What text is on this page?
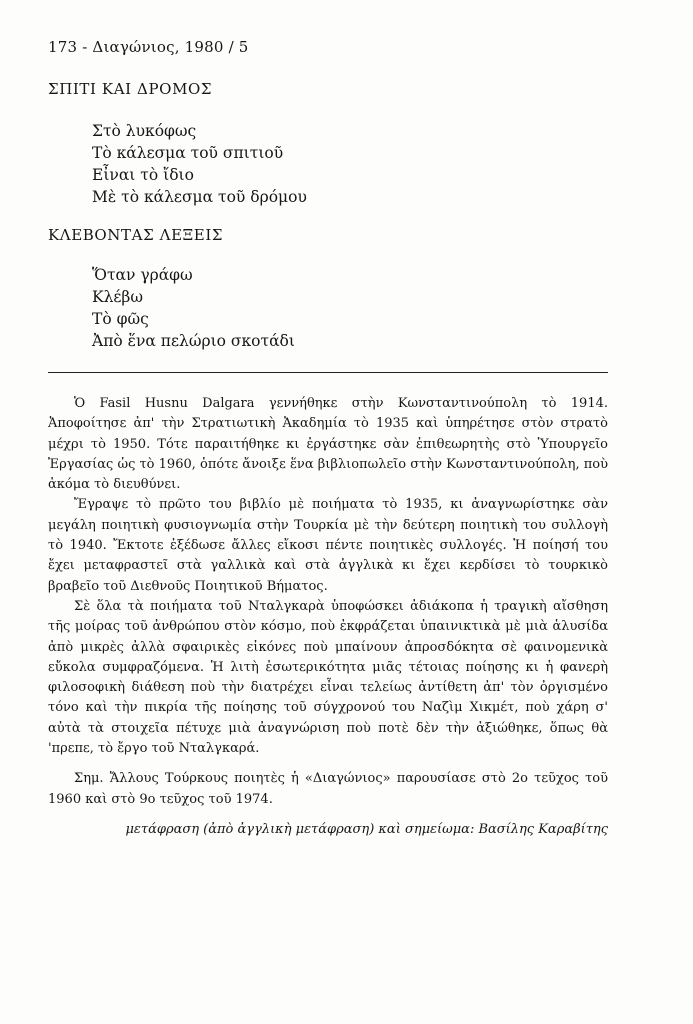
173 - Διαγώνιος, 1980 / 5
ΣΠΙΤΙ ΚΑΙ ΔΡΟΜΟΣ
Στὸ λυκόφως
Τὸ κάλεσμα τοῦ σπιτιοῦ
Εἶναι τὸ ἴδιο
Μὲ τὸ κάλεσμα τοῦ δρόμου
ΚΛΕΒΟΝΤΑΣ ΛΕΞΕΙΣ
Ὅταν γράφω
Κλέβω
Τὸ φῶς
Ἀπὸ ἕνα πελώριο σκοτάδι

Ὁ Fasil Husnu Dalgara γεννήθηκε στὴν Κωνσταντινούπολη τὸ 1914. Ἀποφοίτησε ἀπ' τὴν Στρατιωτικὴ Ἀκαδημία τὸ 1935 καὶ ὑπηρέτησε στὸν στρατὸ μέχρι τὸ 1950. Τότε παραιτήθηκε κι ἐργάστηκε σὰν ἐπιθεωρητὴς στὸ Ὑπουργεῖο Ἐργασίας ὡς τὸ 1960, ὁπότε ἄνοιξε ἕνα βιβλιοπωλεῖο στὴν Κωνσταντινούπολη, ποὺ ἀκόμα τὸ διευθύνει.

Ἔγραψε τὸ πρῶτο του βιβλίο μὲ ποιήματα τὸ 1935, κι ἀναγνωρίστηκε σὰν μεγάλη ποιητικὴ φυσιογνωμία στὴν Τουρκία μὲ τὴν δεύτερη ποιητικὴ του συλλογὴ τὸ 1940. Ἔκτοτε ἐξέδωσε ἄλλες εἴκοσι πέντε ποιητικὲς συλλογές. Ἡ ποίησή του ἔχει μεταφραστεῖ στὰ γαλλικὰ καὶ στὰ ἀγγλικὰ κι ἔχει κερδίσει τὸ τουρκικὸ βραβεῖο τοῦ Διεθνοῦς Ποιητικοῦ Βήματος.

Σὲ ὅλα τὰ ποιήματα τοῦ Νταλγκαρὰ ὑποφώσκει ἀδιάκοπα ἡ τραγικὴ αἴσθηση τῆς μοίρας τοῦ ἀνθρώπου στὸν κόσμο, ποὺ ἐκφράζεται ὑπαινικτικὰ μὲ μιὰ ἁλυσίδα ἀπὸ μικρὲς ἀλλὰ σφαιρικὲς εἰκόνες ποὺ μπαίνουν ἀπροσδόκητα σὲ φαινομενικὰ εὔκολα συμφραζόμενα. Ἡ λιτὴ ἐσωτερικότητα μιᾶς τέτοιας ποίησης κι ἡ φανερὴ φιλοσοφικὴ διάθεση ποὺ τὴν διατρέχει εἶναι τελείως ἀντίθετη ἀπ' τὸν ὀργισμένο τόνο καὶ τὴν πικρία τῆς ποίησης τοῦ σύγχρονού του Ναζὶμ Χικμέτ, ποὺ χάρη σ' αὐτὰ τὰ στοιχεῖα πέτυχε μιὰ ἀναγνώριση ποὺ ποτὲ δὲν τὴν ἀξιώθηκε, ὅπως θὰ 'πρεπε, τὸ ἔργο τοῦ Νταλγκαρά.

Σημ. Ἄλλους Τούρκους ποιητὲς ἡ «Διαγώνιος» παρουσίασε στὸ 2ο τεῦχος τοῦ 1960 καὶ στὸ 9ο τεῦχος τοῦ 1974.

μετάφραση (ἀπὸ ἀγγλικὴ μετάφραση) καὶ σημείωμα: Βασίλης Καραβίτης
